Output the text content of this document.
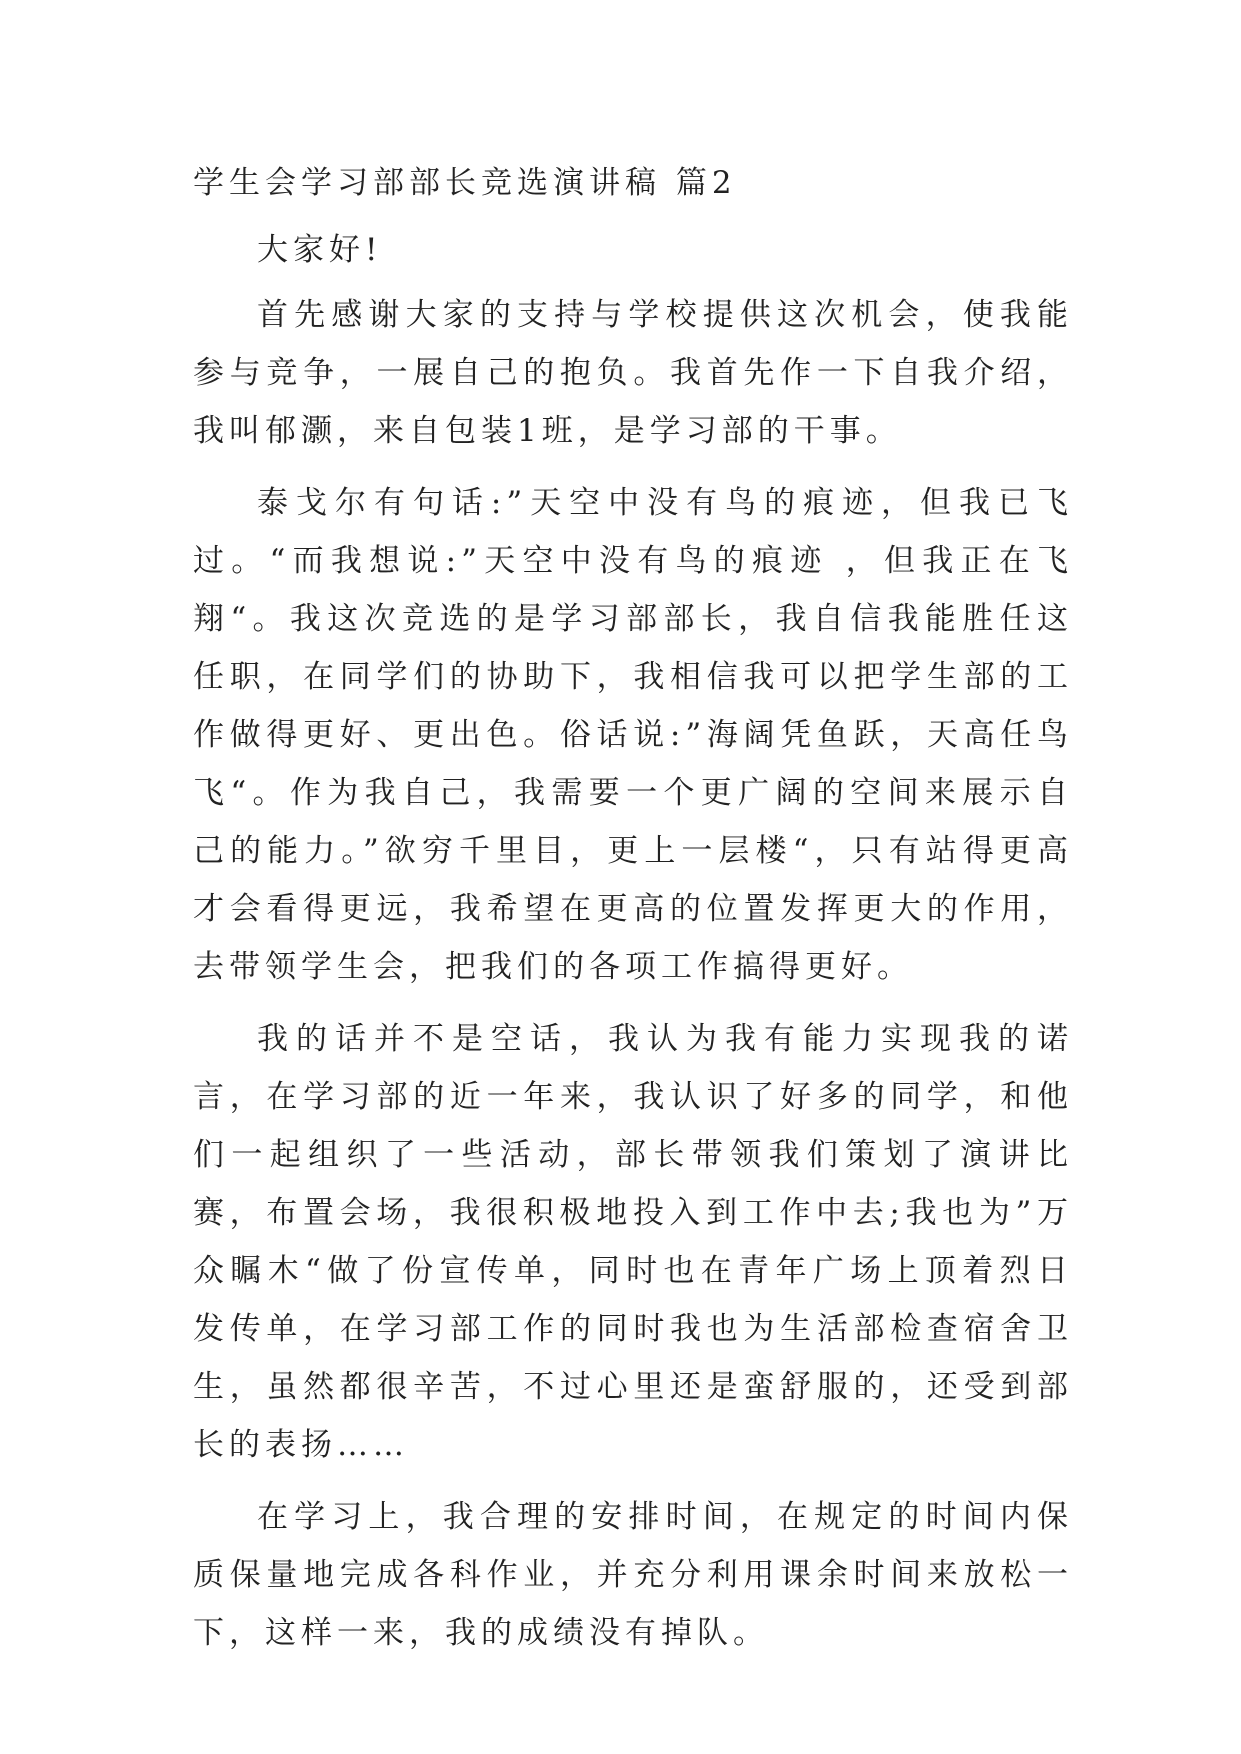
学生会学习部部长竞选演讲稿 篇2

大家好!

首先感谢大家的支持与学校提供这次机会，使我能参与竞争，一展自己的抱负。我首先作一下自我介绍，我叫郁灏，来自包装1班，是学习部的干事。

泰戈尔有句话:”天空中没有鸟的痕迹，但我已飞过。“而我想说:”天空中没有鸟的痕迹 ，但我正在飞翔“。我这次竞选的是学习部部长，我自信我能胜任这任职，在同学们的协助下，我相信我可以把学生部的工作做得更好、更出色。俗话说:”海阔凭鱼跃，天高任鸟飞“。作为我自己，我需要一个更广阔的空间来展示自己的能力。”欲穷千里目，更上一层楼“，只有站得更高才会看得更远，我希望在更高的位置发挥更大的作用，去带领学生会，把我们的各项工作搞得更好。

我的话并不是空话，我认为我有能力实现我的诺言，在学习部的近一年来，我认识了好多的同学，和他们一起组织了一些活动，部长带领我们策划了演讲比赛，布置会场，我很积极地投入到工作中去;我也为”万众瞩木“做了份宣传单，同时也在青年广场上顶着烈日发传单，在学习部工作的同时我也为生活部检查宿舍卫生，虽然都很辛苦，不过心里还是蛮舒服的，还受到部长的表扬……

在学习上，我合理的安排时间，在规定的时间内保质保量地完成各科作业，并充分利用课余时间来放松一下，这样一来，我的成绩没有掉队。
